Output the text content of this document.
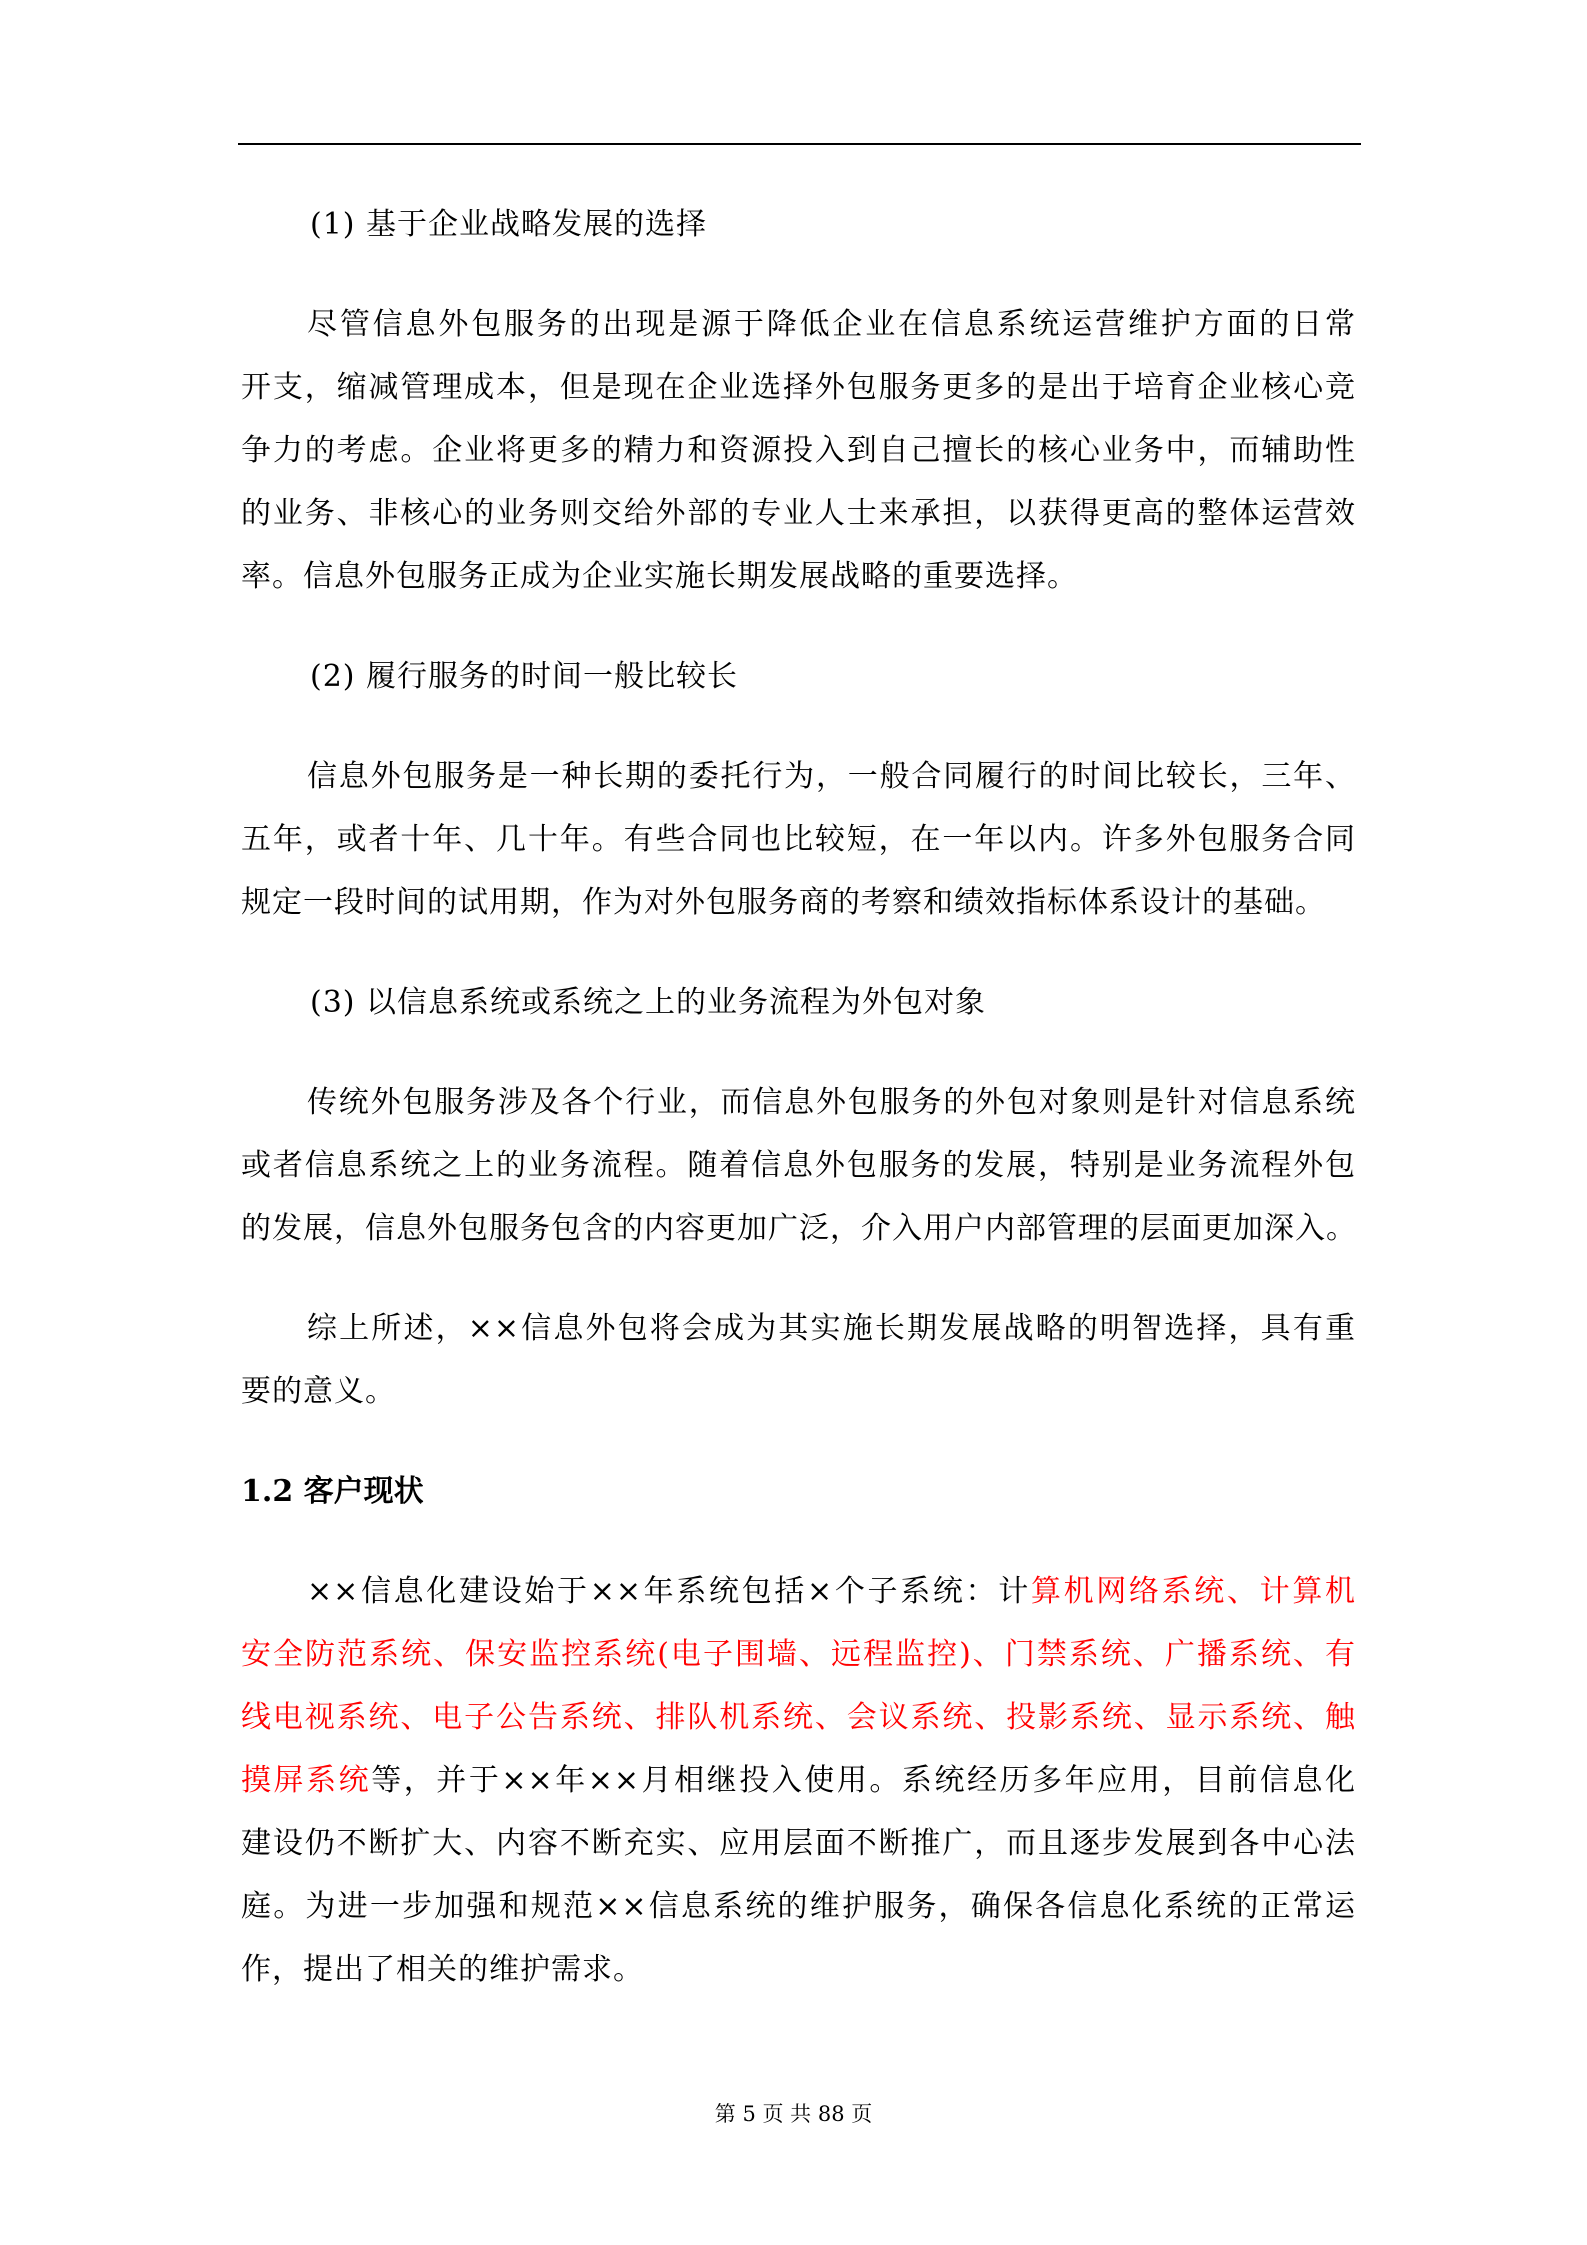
(1) 基于企业战略发展的选择
尽管信息外包服务的出现是源于降低企业在信息系统运营维护方面的日常
开支，缩减管理成本，但是现在企业选择外包服务更多的是出于培育企业核心竞
争力的考虑。企业将更多的精力和资源投入到自己擅长的核心业务中，而辅助性
的业务、非核心的业务则交给外部的专业人士来承担，以获得更高的整体运营效
率。信息外包服务正成为企业实施长期发展战略的重要选择。
(2) 履行服务的时间一般比较长
信息外包服务是一种长期的委托行为，一般合同履行的时间比较长，三年、
五年，或者十年、几十年。有些合同也比较短，在一年以内。许多外包服务合同
规定一段时间的试用期，作为对外包服务商的考察和绩效指标体系设计的基础。
(3) 以信息系统或系统之上的业务流程为外包对象
传统外包服务涉及各个行业，而信息外包服务的外包对象则是针对信息系统
或者信息系统之上的业务流程。随着信息外包服务的发展，特别是业务流程外包
的发展，信息外包服务包含的内容更加广泛，介入用户内部管理的层面更加深入。
综上所述，××信息外包将会成为其实施长期发展战略的明智选择，具有重
要的意义。
1.2 客户现状
××信息化建设始于××年系统包括×个子系统：计算机网络系统、计算机
安全防范系统、保安监控系统(电子围墙、远程监控)、门禁系统、广播系统、有
线电视系统、电子公告系统、排队机系统、会议系统、投影系统、显示系统、触
摸屏系统等，并于××年××月相继投入使用。系统经历多年应用，目前信息化
建设仍不断扩大、内容不断充实、应用层面不断推广，而且逐步发展到各中心法
庭。为进一步加强和规范××信息系统的维护服务，确保各信息化系统的正常运
作，提出了相关的维护需求。
第 5 页 共 88 页
